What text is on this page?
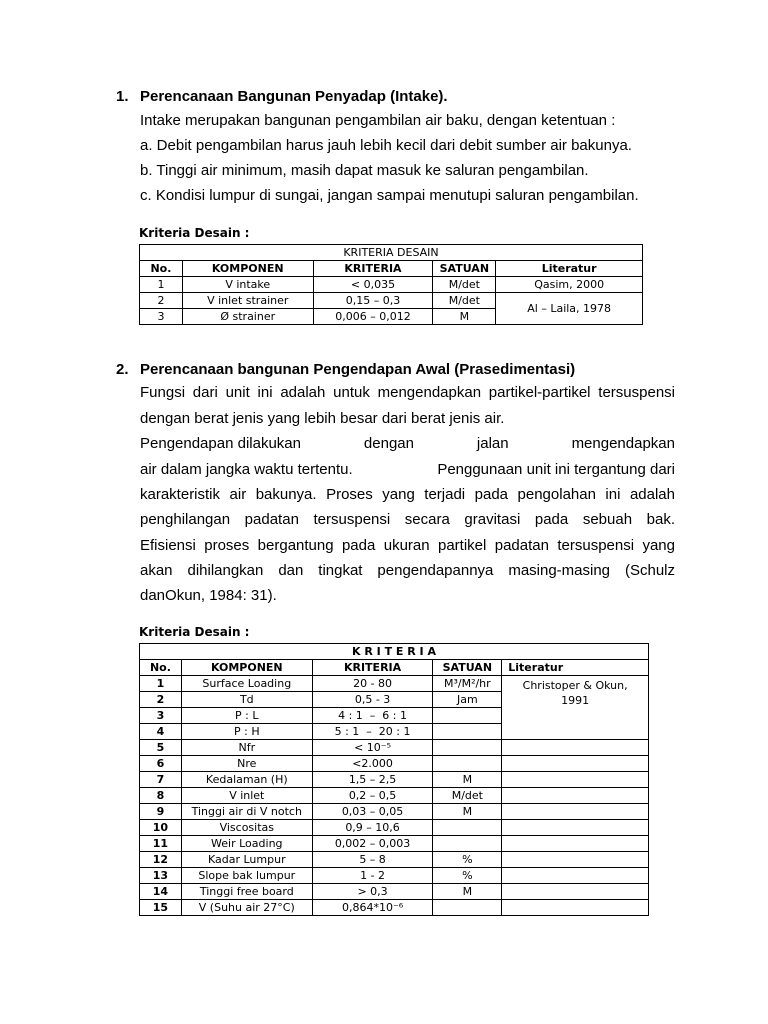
1. Perencanaan Bangunan Penyadap (Intake).
Intake merupakan bangunan pengambilan air baku, dengan ketentuan :
a. Debit pengambilan harus jauh lebih kecil dari debit sumber air bakunya.
b. Tinggi air minimum, masih dapat masuk ke saluran pengambilan.
c. Kondisi lumpur di sungai, jangan sampai menutupi saluran pengambilan.
Kriteria Desain :
KRITERIA DESAIN				
No.	KOMPONEN	KRITERIA	SATUAN	Literatur
1	V intake	< 0,035	M/det	Qasim, 2000
2	V inlet strainer	0,15 – 0,3	M/det	Al – Laila, 1978
3	Ø strainer	0,006 – 0,012	M	
2. Perencanaan bangunan Pengendapan Awal (Prasedimentasi)
Fungsi dari unit ini adalah untuk mengendapkan partikel-partikel tersuspensi
dengan berat jenis yang lebih besar dari berat jenis air.
Pengendapan dilakukan	dengan	jalan	mengendapkan
air dalam jangka waktu tertentu.	Penggunaan unit ini tergantung dari
karakteristik air bakunya. Proses yang terjadi pada pengolahan ini adalah
penghilangan padatan tersuspensi secara gravitasi pada sebuah bak.
Efisiensi proses bergantung pada ukuran partikel padatan tersuspensi yang
akan dihilangkan dan tingkat pengendapannya masing-masing (Schulz
danOkun, 1984: 31).
Kriteria Desain :
K R I T E R I A				
No.	KOMPONEN	KRITERIA	SATUAN	Literatur
1	Surface Loading	20 - 80	M³/M²/hr	Christoper & Okun,
1991

2	Td	0,5 - 3	Jam	
3	P : L	4 : 1  –  6 : 1		
4	P : H	5 : 1  –  20 : 1		
5	Nfr	< 10⁻⁵		
6	Nre	<2.000		
7	Kedalaman (H)	1,5 – 2,5	M	
8	V inlet	0,2 – 0,5	M/det	
9	Tinggi air di V notch	0,03 – 0,05	M	
10	Viscositas	0,9 – 10,6		
11	Weir Loading	0,002 – 0,003		
12	Kadar Lumpur	5 – 8	%	
13	Slope bak lumpur	1 - 2	%	
14	Tinggi free board	> 0,3	M	
15	V (Suhu air 27°C)	0,864*10⁻⁶		
